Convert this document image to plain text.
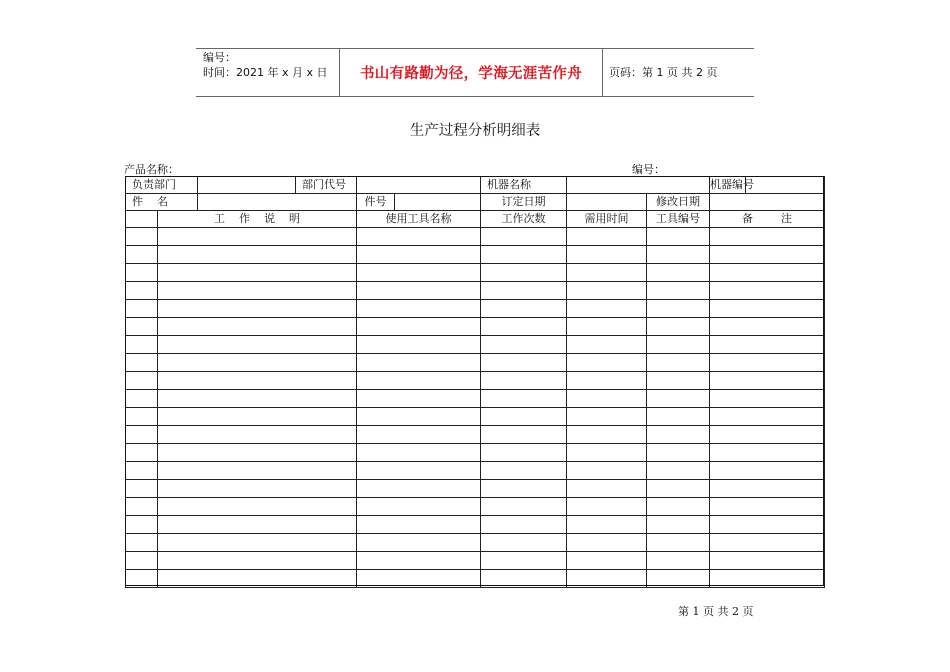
编号：
时间：2021 年 x 月 x 日	书山有路勤为径，学海无涯苦作舟	页码：第 1 页 共 2 页
生产过程分析明细表
产品名称：	编号：
负责部门			部门代号			机器名称			机器编号	
件    名				件号		订定日期		修改日期		
	工    作    说    明			使用工具名称		工作次数	需用时间	工具编号	备        注	

第 1 页 共 2 页
